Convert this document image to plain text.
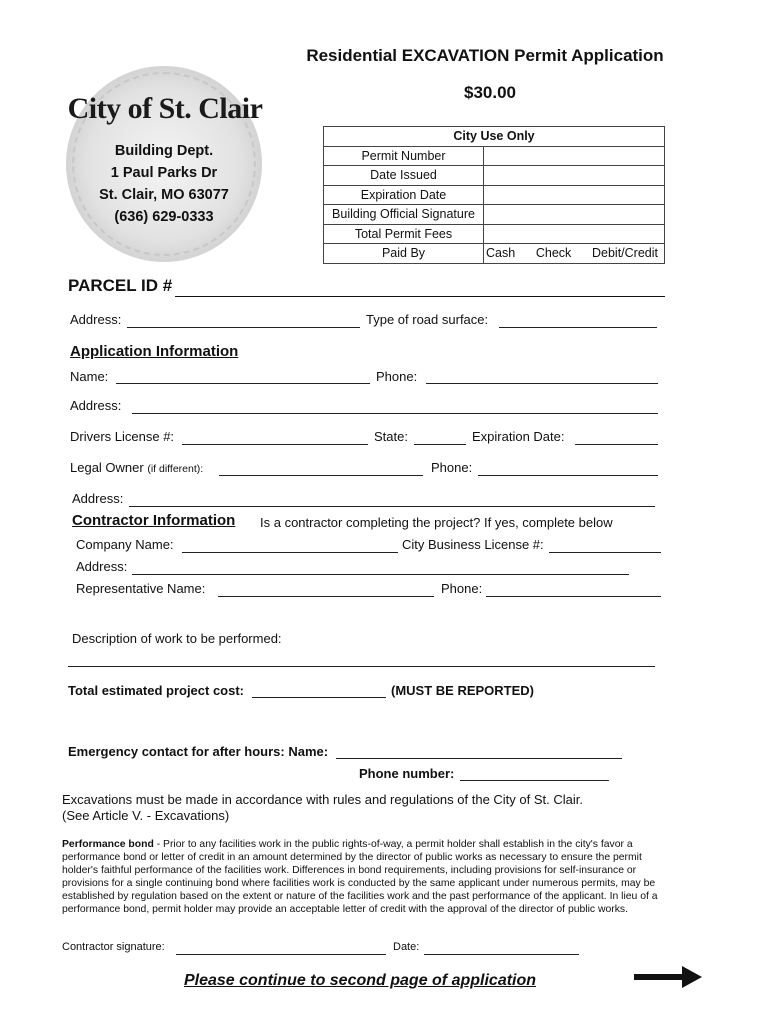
City of St. Clair
Building Dept.
1 Paul Parks Dr
St. Clair, MO 63077
(636) 629-0333
Residential EXCAVATION Permit Application
$30.00
City Use Only	
Permit Number	
Date Issued	
Expiration Date	
Building Official Signature	
Total Permit Fees	
Paid By	Cash Check Debit/Credit
PARCEL ID #
Address:	Type of road surface:
Application Information
Name:	Phone:
Address:
Drivers License #:	State:	Expiration Date:
Legal Owner (if different):	Phone:
Address:
Contractor Information Is a contractor completing the project? If yes, complete below
Company Name:	City Business License #:
Address:
Representative Name:	Phone:
Description of work to be performed:
Total estimated project cost:	(MUST BE REPORTED)
Emergency contact for after hours: Name:
Phone number:
Excavations must be made in accordance with rules and regulations of the City of St. Clair.
(See Article V. - Excavations)
Performance bond - Prior to any facilities work in the public rights-of-way, a permit holder shall establish in the city's favor a performance bond or letter of credit in an amount determined by the director of public works as necessary to ensure the permit holder's faithful performance of the facilities work. Differences in bond requirements, including provisions for self-insurance or provisions for a single continuing bond where facilities work is conducted by the same applicant under numerous permits, may be established by regulation based on the extent or nature of the facilities work and the past performance of the applicant. In lieu of a performance bond, permit holder may provide an acceptable letter of credit with the approval of the director of public works.
Contractor signature:	Date:
Please continue to second page of application
